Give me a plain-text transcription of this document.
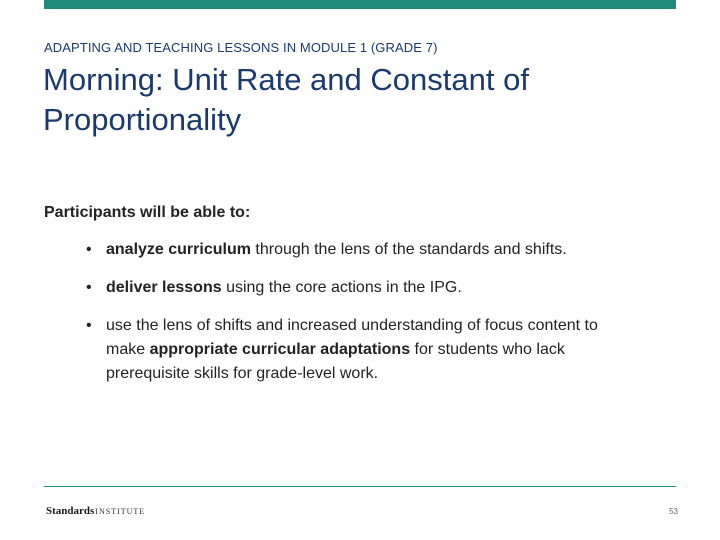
ADAPTING AND TEACHING LESSONS IN MODULE 1 (GRADE 7)
Morning: Unit Rate and Constant of
Proportionality
Participants will be able to:
• analyze curriculum through the lens of the standards and shifts.
• deliver lessons using the core actions in the IPG.
• use the lens of shifts and increased understanding of focus content to
make appropriate curricular adaptations for students who lack
prerequisite skills for grade-level work.
Standards INSTITUTE	53
